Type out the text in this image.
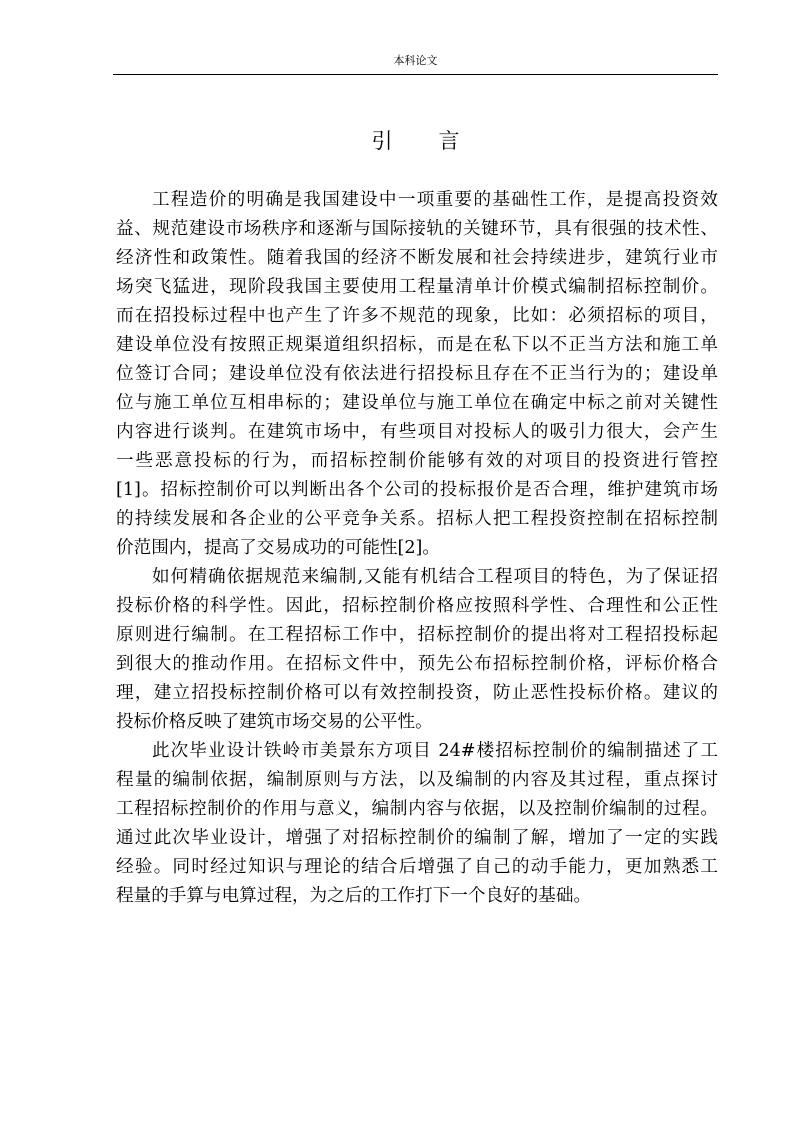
本科论文
引言
工程造价的明确是我国建设中一项重要的基础性工作，是提高投资效
益、规范建设市场秩序和逐渐与国际接轨的关键环节，具有很强的技术性、
经济性和政策性。随着我国的经济不断发展和社会持续进步，建筑行业市
场突飞猛进，现阶段我国主要使用工程量清单计价模式编制招标控制价。
而在招投标过程中也产生了许多不规范的现象，比如：必须招标的项目，
建设单位没有按照正规渠道组织招标，而是在私下以不正当方法和施工单
位签订合同；建设单位没有依法进行招投标且存在不正当行为的；建设单
位与施工单位互相串标的；建设单位与施工单位在确定中标之前对关键性
内容进行谈判。在建筑市场中，有些项目对投标人的吸引力很大，会产生
一些恶意投标的行为，而招标控制价能够有效的对项目的投资进行管控
[1]。招标控制价可以判断出各个公司的投标报价是否合理，维护建筑市场
的持续发展和各企业的公平竞争关系。招标人把工程投资控制在招标控制
价范围内，提高了交易成功的可能性[2]。
如何精确依据规范来编制,又能有机结合工程项目的特色，为了保证招
投标价格的科学性。因此，招标控制价格应按照科学性、合理性和公正性
原则进行编制。在工程招标工作中，招标控制价的提出将对工程招投标起
到很大的推动作用。在招标文件中，预先公布招标控制价格，评标价格合
理，建立招投标控制价格可以有效控制投资，防止恶性投标价格。建议的
投标价格反映了建筑市场交易的公平性。
此次毕业设计铁岭市美景东方项目 24#楼招标控制价的编制描述了工
程量的编制依据，编制原则与方法，以及编制的内容及其过程，重点探讨
工程招标控制价的作用与意义，编制内容与依据，以及控制价编制的过程。
通过此次毕业设计，增强了对招标控制价的编制了解，增加了一定的实践
经验。同时经过知识与理论的结合后增强了自己的动手能力，更加熟悉工
程量的手算与电算过程，为之后的工作打下一个良好的基础。
